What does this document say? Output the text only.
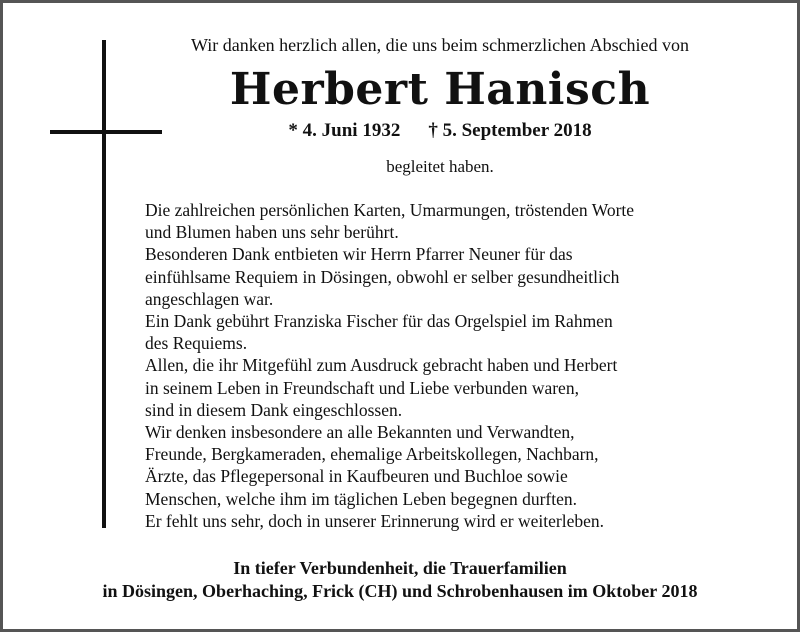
Wir danken herzlich allen, die uns beim schmerzlichen Abschied von
Herbert Hanisch
* 4. Juni 1932 † 5. September 2018
begleitet haben.
Die zahlreichen persönlichen Karten, Umarmungen, tröstenden Worte
und Blumen haben uns sehr berührt.
Besonderen Dank entbieten wir Herrn Pfarrer Neuner für das
einfühlsame Requiem in Dösingen, obwohl er selber gesundheitlich
angeschlagen war.
Ein Dank gebührt Franziska Fischer für das Orgelspiel im Rahmen
des Requiems.
Allen, die ihr Mitgefühl zum Ausdruck gebracht haben und Herbert
in seinem Leben in Freundschaft und Liebe verbunden waren,
sind in diesem Dank eingeschlossen.
Wir denken insbesondere an alle Bekannten und Verwandten,
Freunde, Bergkameraden, ehemalige Arbeitskollegen, Nachbarn,
Ärzte, das Pflegepersonal in Kaufbeuren und Buchloe sowie
Menschen, welche ihm im täglichen Leben begegnen durften.
Er fehlt uns sehr, doch in unserer Erinnerung wird er weiterleben.
In tiefer Verbundenheit, die Trauerfamilien
in Dösingen, Oberhaching, Frick (CH) und Schrobenhausen im Oktober 2018
